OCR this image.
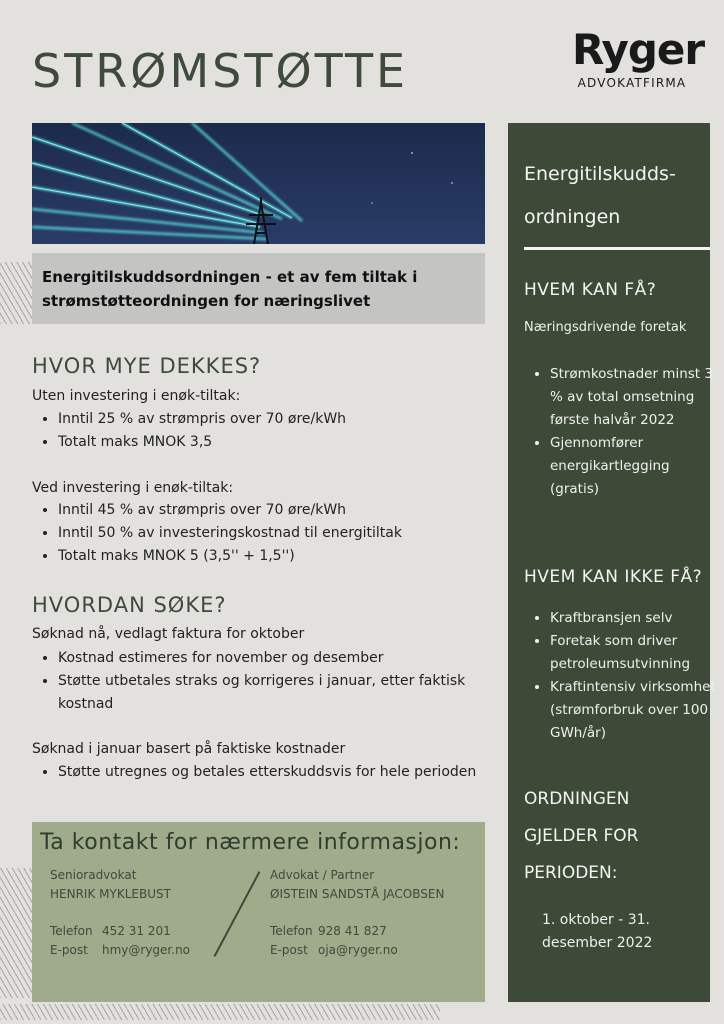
STRØMSTØTTE	Ryger
ADVOKATFIRMA
Energitilskuddsordningen - et av fem tiltak i strømstøtteordningen for næringslivet
HVOR MYE DEKKES?

Uten investering i enøk-tiltak:

• Inntil 25 % av strømpris over 70 øre/kWh
• Totalt maks MNOK 3,5

Ved investering i enøk-tiltak:

• Inntil 45 % av strømpris over 70 øre/kWh
• Inntil 50 % av investeringskostnad til energitiltak
• Totalt maks MNOK 5 (3,5'' + 1,5'')
HVORDAN SØKE?

Søknad nå, vedlagt faktura for oktober

• Kostnad estimeres for november og desember
• Støtte utbetales straks og korrigeres i januar, etter faktisk kostnad

Søknad i januar basert på faktiske kostnader

• Støtte utregnes og betales etterskuddsvis for hele perioden
Ta kontakt for nærmere informasjon:
Senioradvokat
HENRIK MYKLEBUST
Telefon 452 31 201
E-post hmy@ryger.no
Advokat / Partner
ØISTEIN SANDSTÅ JACOBSEN
Telefon 928 41 827
E-post oja@ryger.no
Energitilskudds-
ordningen
HVEM KAN FÅ?
Næringsdrivende foretak
• Strømkostnader minst 3 % av total omsetning første halvår 2022
• Gjennomfører energikartlegging (gratis)
HVEM KAN IKKE FÅ?
• Kraftbransjen selv
• Foretak som driver petroleumsutvinning
• Kraftintensiv virksomhet (strømforbruk over 100 GWh/år)
ORDNINGEN GJELDER FOR PERIODEN:
1. oktober - 31. desember 2022
